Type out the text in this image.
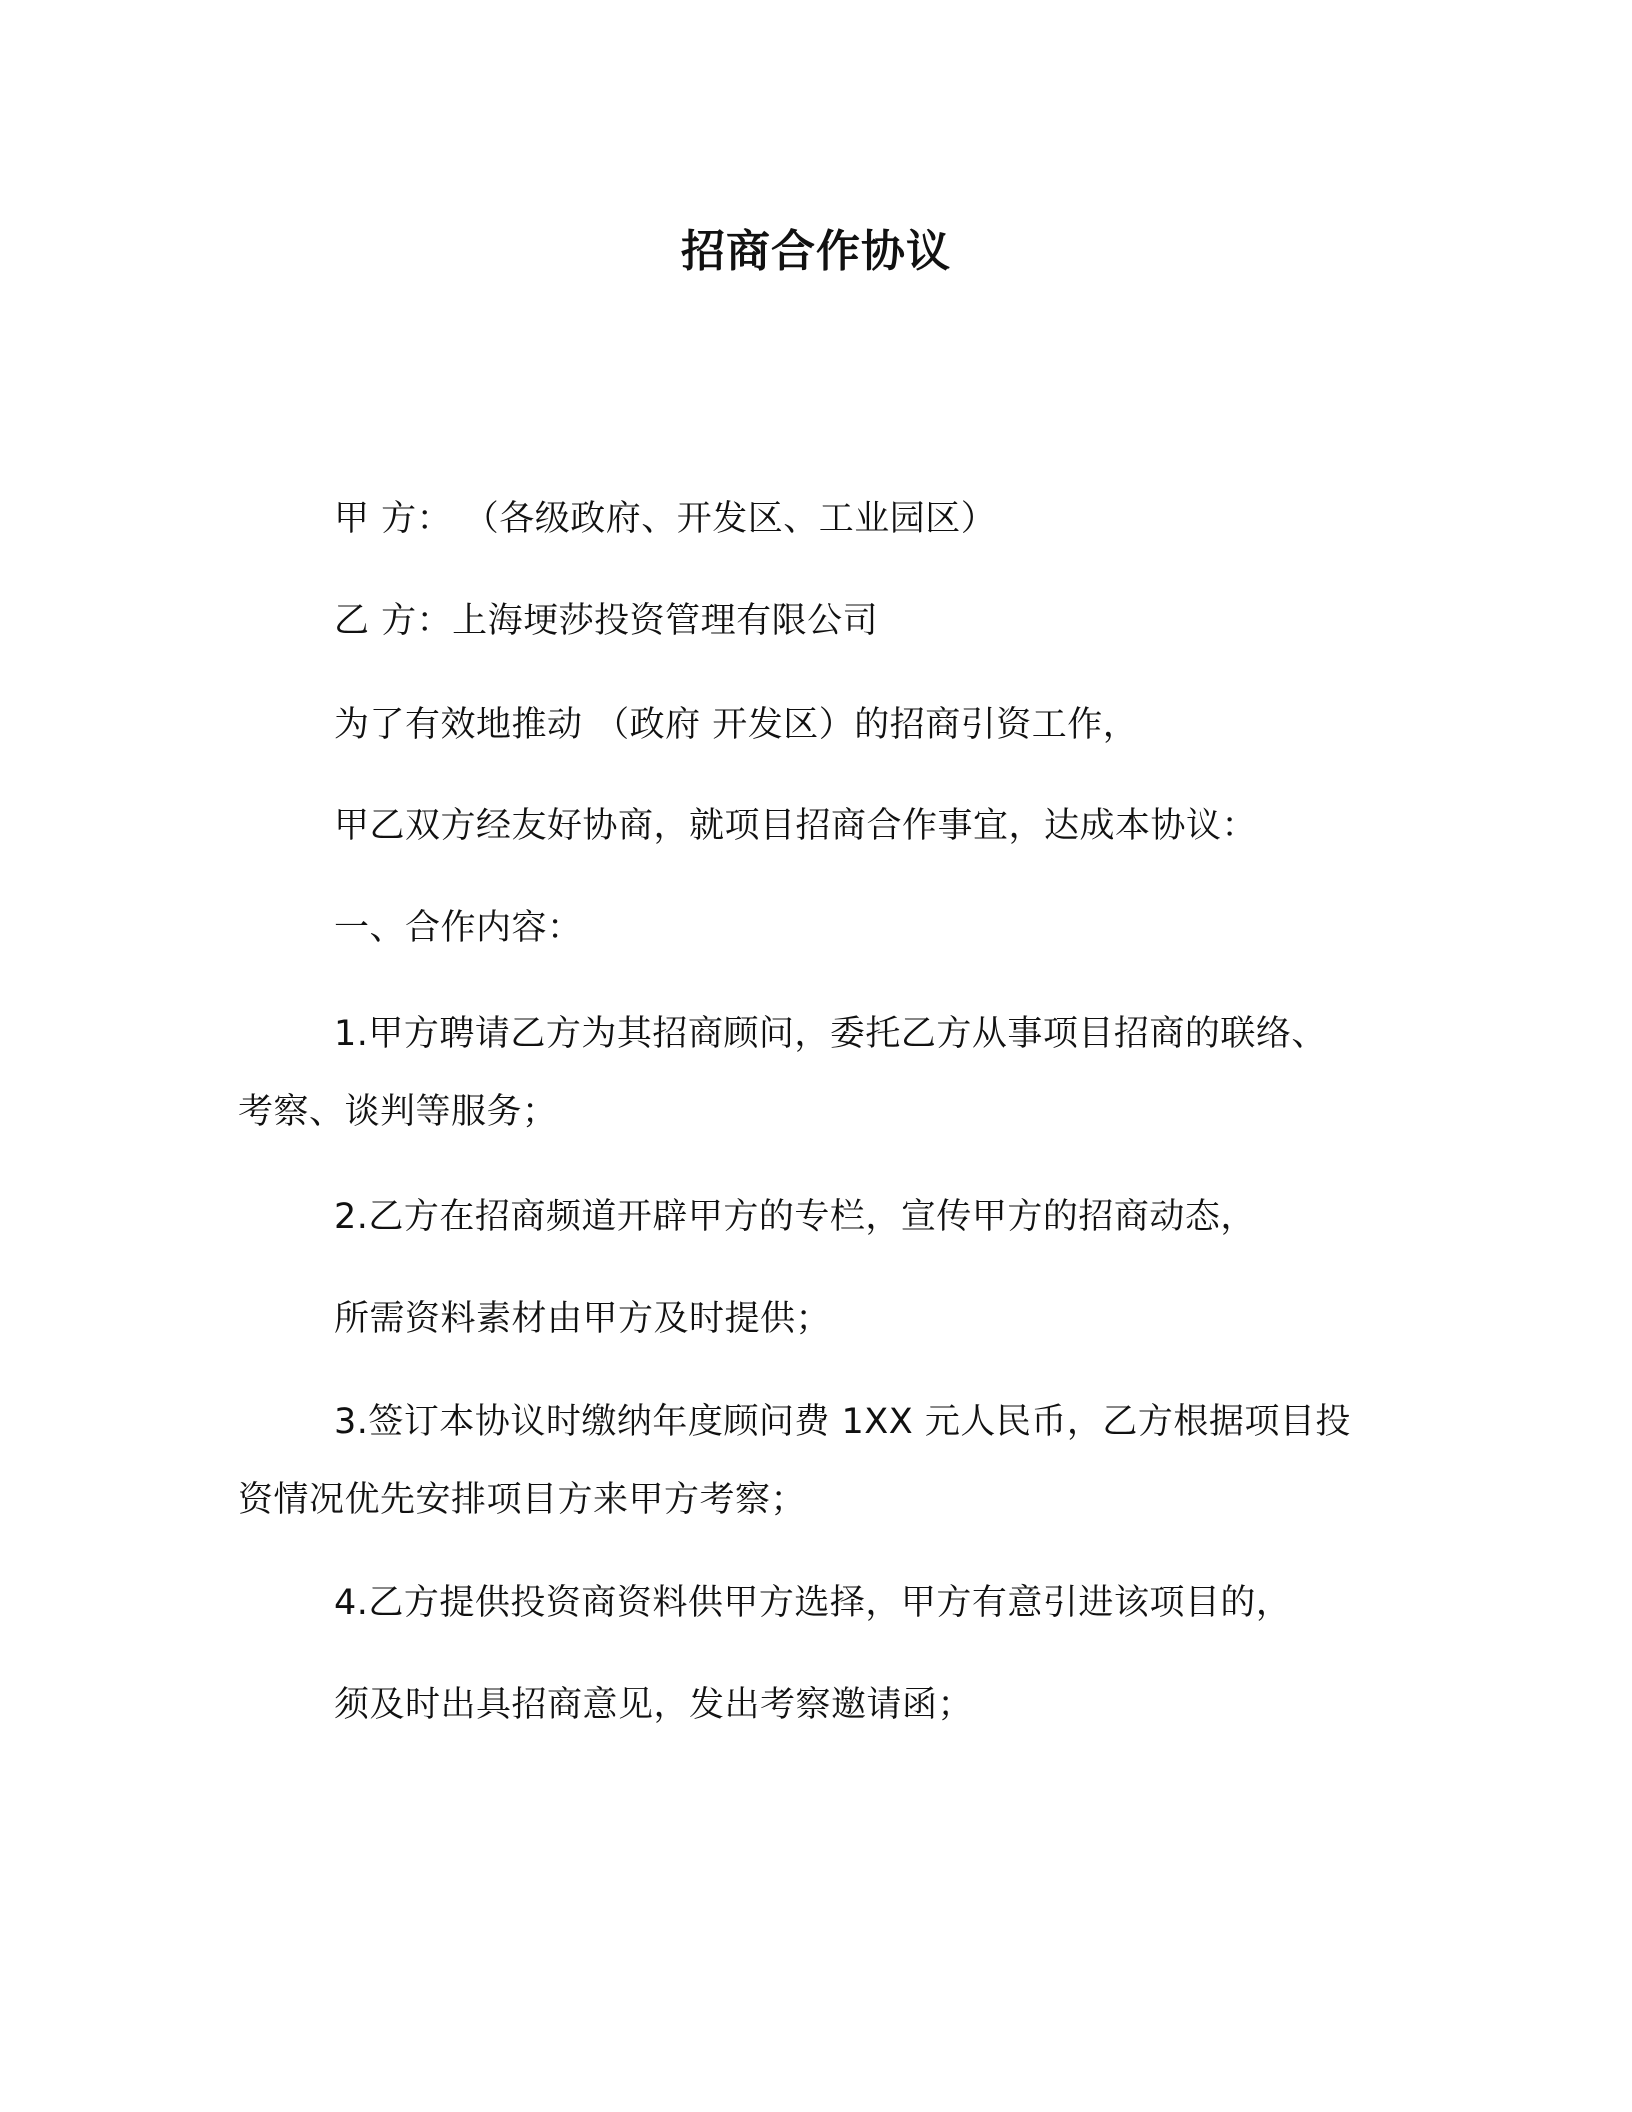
招商合作协议
甲 方： （各级政府、开发区、工业园区）
乙 方：上海埂莎投资管理有限公司
为了有效地推动 （政府 开发区）的招商引资工作，
甲乙双方经友好协商，就项目招商合作事宜，达成本协议：
一、合作内容：
1.甲方聘请乙方为其招商顾问，委托乙方从事项目招商的联络、
考察、谈判等服务；
2.乙方在招商频道开辟甲方的专栏，宣传甲方的招商动态，
所需资料素材由甲方及时提供；
3.签订本协议时缴纳年度顾问费 1XX 元人民币，乙方根据项目投
资情况优先安排项目方来甲方考察；
4.乙方提供投资商资料供甲方选择，甲方有意引进该项目的，
须及时出具招商意见，发出考察邀请函；
